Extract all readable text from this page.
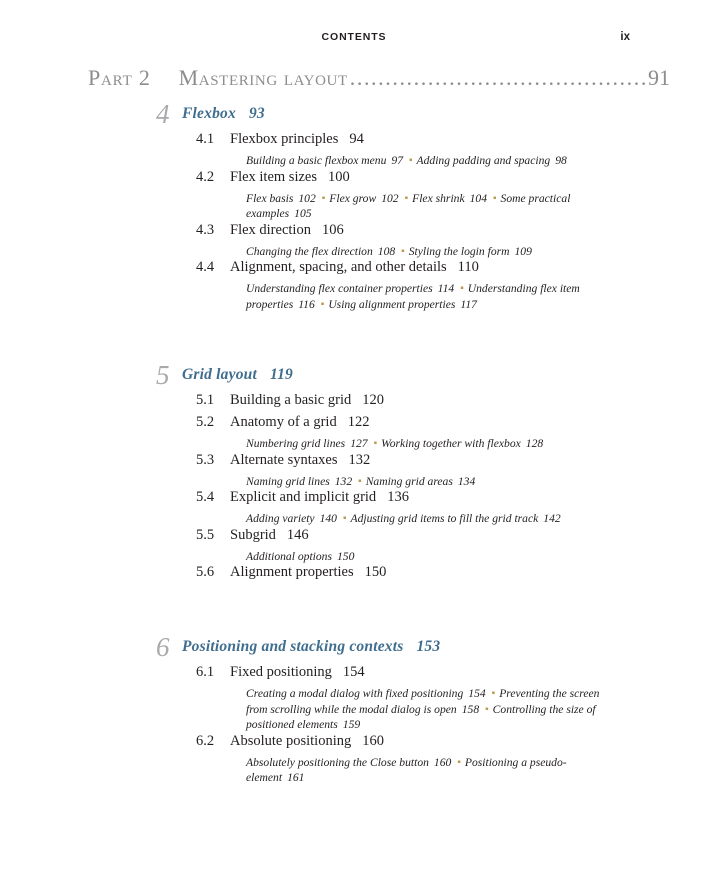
CONTENTS	ix
Part 2 Mastering layout .......................................... 91
4 Flexbox 93
4.1 Flexbox principles 94
Building a basic flexbox menu 97 ▪ Adding padding and spacing 98
4.2 Flex item sizes 100
Flex basis 102 ▪ Flex grow 102 ▪ Flex shrink 104 ▪ Some practical examples 105
4.3 Flex direction 106
Changing the flex direction 108 ▪ Styling the login form 109
4.4 Alignment, spacing, and other details 110
Understanding flex container properties 114 ▪ Understanding flex item properties 116 ▪ Using alignment properties 117
5 Grid layout 119
5.1 Building a basic grid 120
5.2 Anatomy of a grid 122
Numbering grid lines 127 ▪ Working together with flexbox 128
5.3 Alternate syntaxes 132
Naming grid lines 132 ▪ Naming grid areas 134
5.4 Explicit and implicit grid 136
Adding variety 140 ▪ Adjusting grid items to fill the grid track 142
5.5 Subgrid 146
Additional options 150
5.6 Alignment properties 150
6 Positioning and stacking contexts 153
6.1 Fixed positioning 154
Creating a modal dialog with fixed positioning 154 ▪ Preventing the screen from scrolling while the modal dialog is open 158 ▪ Controlling the size of positioned elements 159
6.2 Absolute positioning 160
Absolutely positioning the Close button 160 ▪ Positioning a pseudo-element 161
